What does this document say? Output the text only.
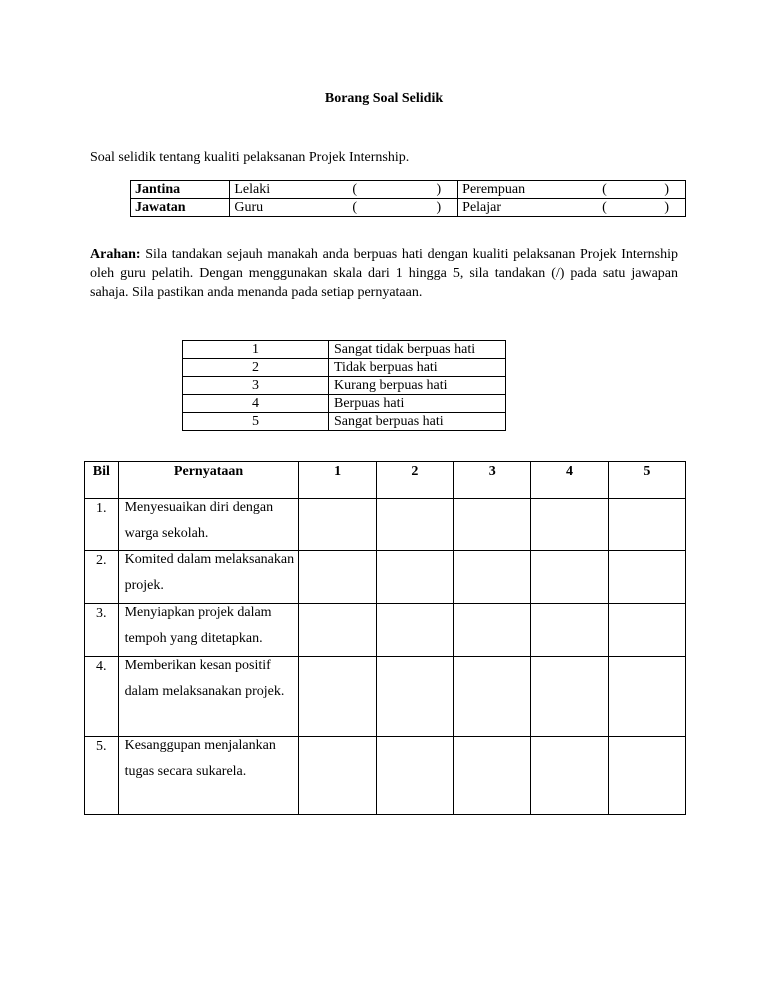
Borang Soal Selidik
Soal selidik tentang kualiti pelaksanan Projek Internship.
Jantina	Lelaki ( )	Perempuan ( )

Jawatan	Guru ( )	Pelajar ( )
Arahan: Sila tandakan sejauh manakah anda berpuas hati dengan kualiti pelaksanan Projek Internship oleh guru pelatih. Dengan menggunakan skala dari 1 hingga 5, sila tandakan (/) pada satu jawapan sahaja. Sila pastikan anda menanda pada setiap pernyataan.
1	Sangat tidak berpuas hati
2	Tidak berpuas hati
3	Kurang berpuas hati
4	Berpuas hati
5	Sangat berpuas hati
Bil	Pernyataan	1	2	3	4	5
1.	Menyesuaikan diri dengan warga sekolah.					

2.	Komited dalam melaksanakan projek.					

3.	Menyiapkan projek dalam tempoh yang ditetapkan.					

4.	Memberikan kesan positif dalam melaksanakan projek.					

5.	Kesanggupan menjalankan tugas secara sukarela.					
